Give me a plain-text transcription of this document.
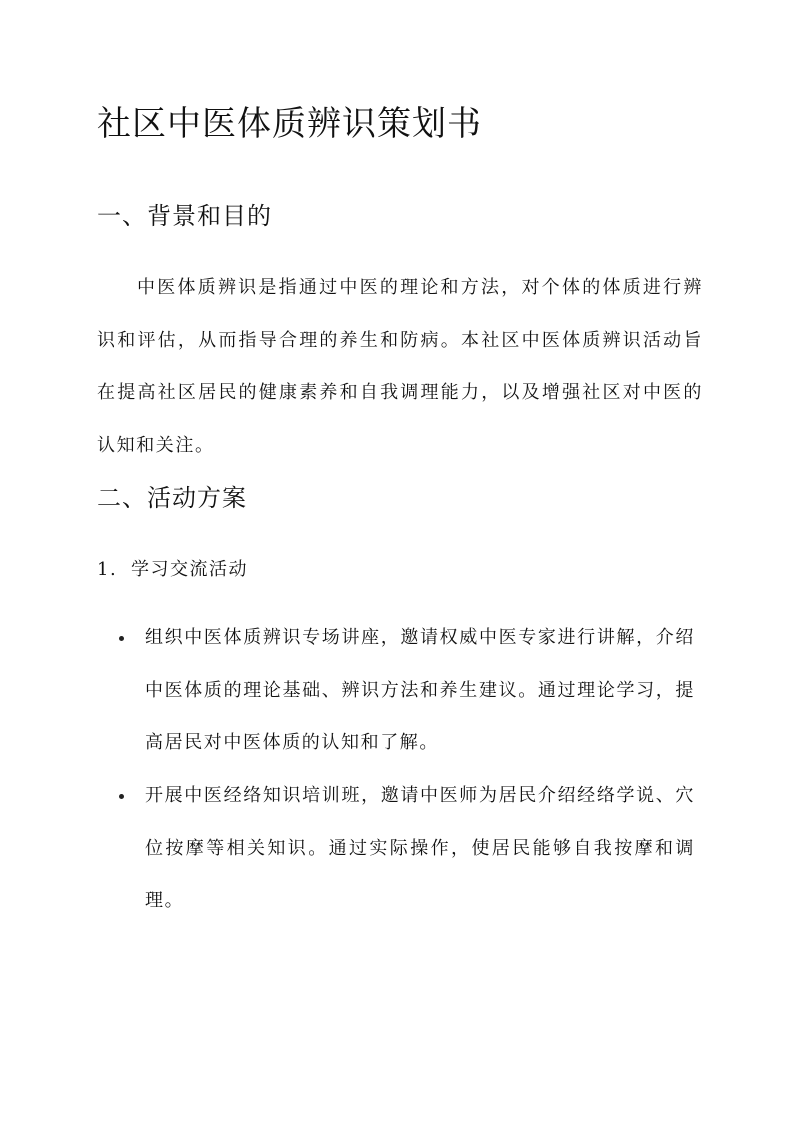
社区中医体质辨识策划书
一、背景和目的

中医体质辨识是指通过中医的理论和方法，对个体的体质进行辨识和评估，从而指导合理的养生和防病。本社区中医体质辨识活动旨在提高社区居民的健康素养和自我调理能力，以及增强社区对中医的认知和关注。

二、活动方案
1. 学习交流活动

组织中医体质辨识专场讲座，邀请权威中医专家进行讲解，介绍中医体质的理论基础、辨识方法和养生建议。通过理论学习，提高居民对中医体质的认知和了解。

开展中医经络知识培训班，邀请中医师为居民介绍经络学说、穴位按摩等相关知识。通过实际操作，使居民能够自我按摩和调理。
